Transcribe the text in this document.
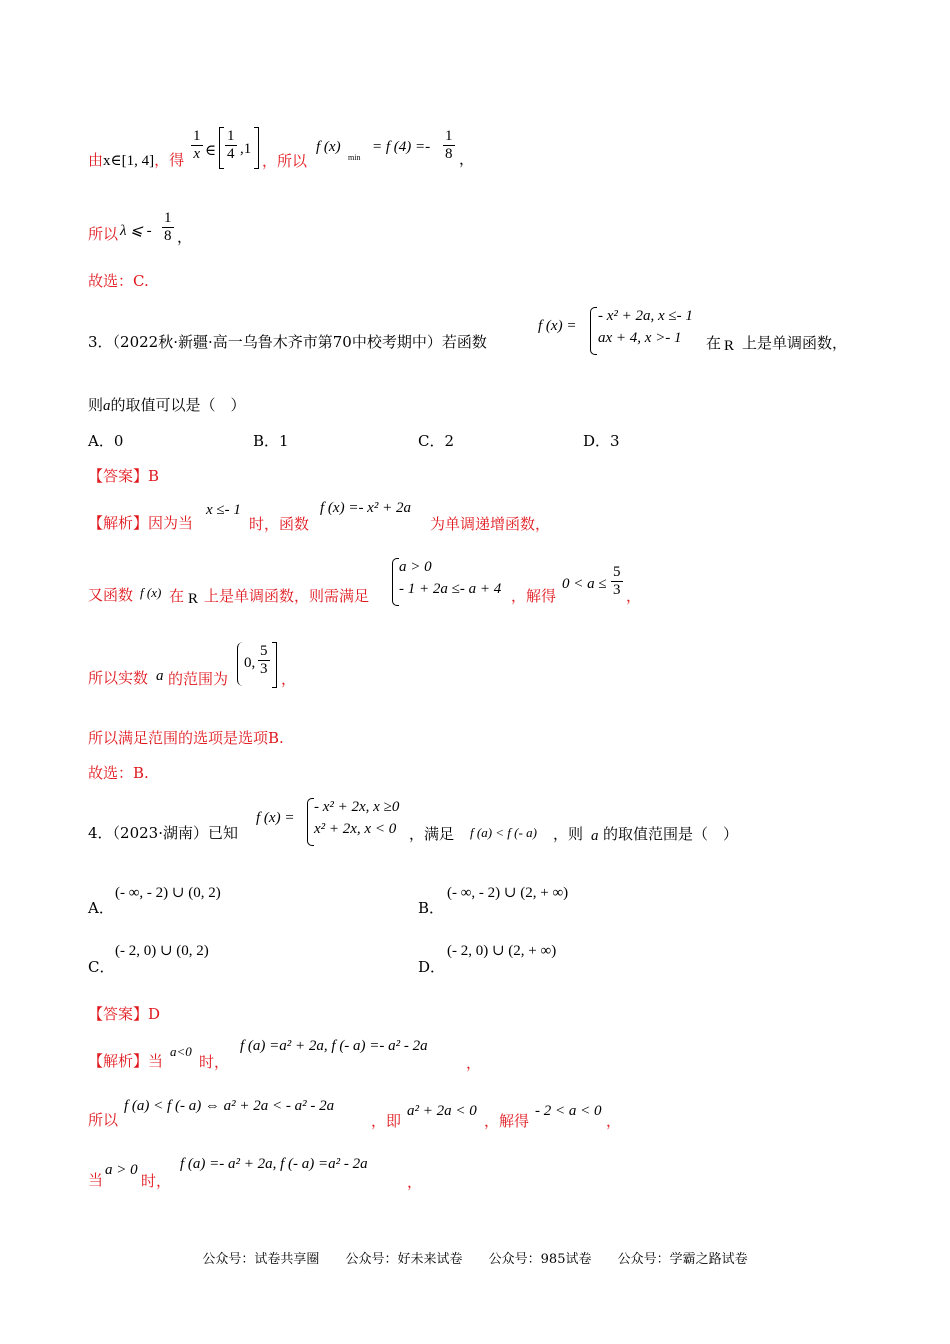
由x∈[1, 4]，得 $\frac{1}{x}$ ∈ $\frac{1}{4} ,1$
，所以
f (x)
min
= f $(4) =- \frac{1}{8}$ ，
所以 λ ⩽ - $\frac{1}{8}$ ，
故选：C.
3．（2022秋·新疆·高一乌鲁木齐市第70中校考期中）若函数
f (x) =
- x² + 2a, x ≤- 1
ax + 4, x >- 1	在 R 上是单调函数，
则a的取值可以是（　）
A．0	B．1	C．2	D．3
【答案】B
【解析】因为当
x ≤- 1
时，函数
f (x) =- x² + 2a
为单调递增函数，
又函数 f (x) 在 R 上是单调函数，则需满足
a > 0
- 1 + 2a ≤- a + 4 ，解得
$0 < a \le \frac{5}{3}$ ，
所以实数 a 的范围为
0, $\frac{5}{3}$
，
所以满足范围的选项是选项B.
故选：B.
4．（2023·湖南）已知
f (x) =
- x² + 2x, x ≥0
x² + 2x, x < 0 ，满足 f (a) < f (- a) ，则 a 的取值范围是（　）
A．
(- ∞, - 2) ∪ (0, 2)
B．
(- ∞, - 2) ∪ (2, + ∞)
C．
(- 2, 0) ∪ (0, 2)
D．
(- 2, 0) ∪ (2, + ∞)
【答案】D
【解析】当
a<0
时，
f (a) =a² + 2a, f (- a) =- a² - 2a
，
所以
f (a) < f (- a) ⇔ a² + 2a < - a² - 2a
，即
a² + 2a < 0
，解得
- 2 < a < 0
，
当
a > 0
时，
f (a) =- a² + 2a, f (- a) =a² - 2a
，
公众号：试卷共享圈 公众号：好未来试卷 公众号：985试卷 公众号：学霸之路试卷
